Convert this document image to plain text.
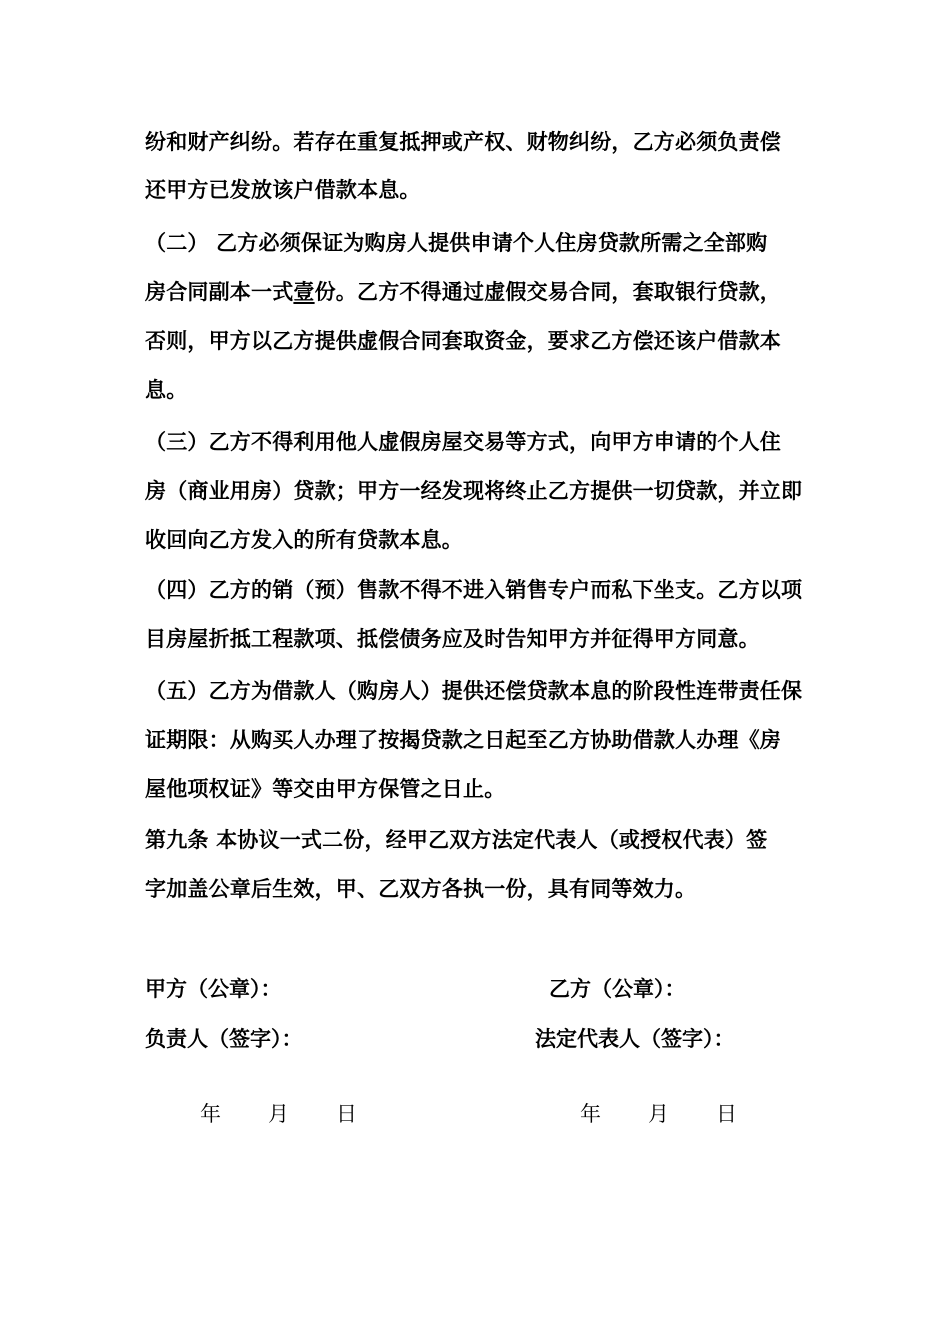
纷和财产纠纷。若存在重复抵押或产权、财物纠纷，乙方必须负责偿
还甲方已发放该户借款本息。
（二） 乙方必须保证为购房人提供申请个人住房贷款所需之全部购
房合同副本一式壹份。乙方不得通过虚假交易合同，套取银行贷款，
否则，甲方以乙方提供虚假合同套取资金，要求乙方偿还该户借款本
息。
（三）乙方不得利用他人虚假房屋交易等方式，向甲方申请的个人住
房（商业用房）贷款；甲方一经发现将终止乙方提供一切贷款，并立即
收回向乙方发入的所有贷款本息。
（四）乙方的销（预）售款不得不进入销售专户而私下坐支。乙方以项
目房屋折抵工程款项、抵偿债务应及时告知甲方并征得甲方同意。
（五）乙方为借款人（购房人）提供还偿贷款本息的阶段性连带责任保
证期限：从购买人办理了按揭贷款之日起至乙方协助借款人办理《房
屋他项权证》等交由甲方保管之日止。
第九条 本协议一式二份，经甲乙双方法定代表人（或授权代表）签
字加盖公章后生效，甲、乙双方各执一份，具有同等效力。
甲方（公章）：	乙方（公章）：
负责人（签字）：	法定代表人（签字）：
年 月 日	年 月 日
